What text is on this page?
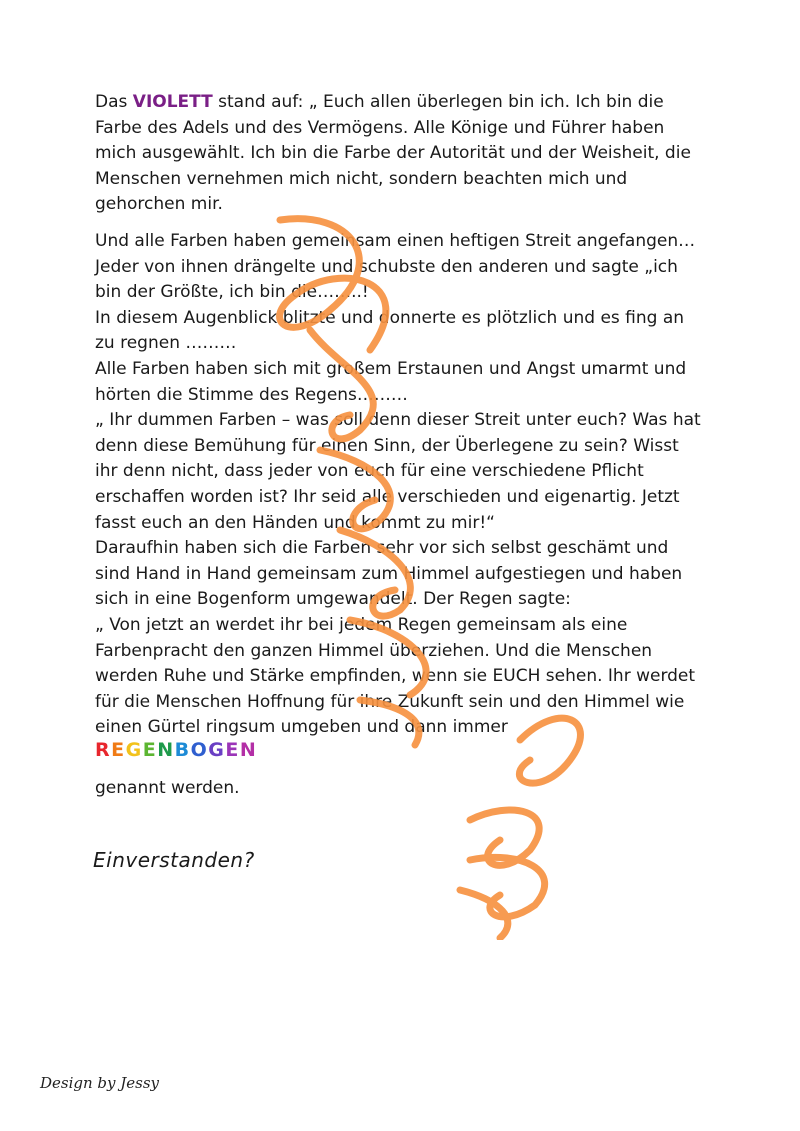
Das VIOLETT stand auf: „ Euch allen überlegen bin ich. Ich bin die Farbe des Adels und des Vermögens. Alle Könige und Führer haben mich ausgewählt. Ich bin die Farbe der Autorität und der Weisheit, die Menschen vernehmen mich nicht, sondern beachten mich und gehorchen mir.

Und alle Farben haben gemeinsam einen heftigen Streit angefangen…
Jeder von ihnen drängelte und schubste den anderen und sagte „ich bin der Größte, ich bin die……..!
In diesem Augenblick blitzte und donnerte es plötzlich und es fing an zu regnen ………
Alle Farben haben sich mit großem Erstaunen und Angst umarmt und hörten die Stimme des Regens………
„ Ihr dummen Farben – was soll denn dieser Streit unter euch? Was hat denn diese Bemühung für einen Sinn, der Überlegene zu sein? Wisst ihr denn nicht, dass jeder von euch für eine verschiedene Pflicht erschaffen worden ist? Ihr seid alle verschieden und eigenartig. Jetzt fasst euch an den Händen und kommt zu mir!“
Daraufhin haben sich die Farben sehr vor sich selbst geschämt und sind Hand in Hand gemeinsam zum Himmel aufgestiegen und haben sich in eine Bogenform umgewandelt. Der Regen sagte:
„ Von jetzt an werdet ihr bei jedem Regen gemeinsam als eine Farbenpracht den ganzen Himmel überziehen. Und die Menschen werden Ruhe und Stärke empfinden, wenn sie EUCH sehen. Ihr werdet für die Menschen Hoffnung für ihre Zukunft sein und den Himmel wie einen Gürtel ringsum umgeben und dann immer
REGENBOGEN

genannt werden.

Einverstanden?
Design by Jessy
